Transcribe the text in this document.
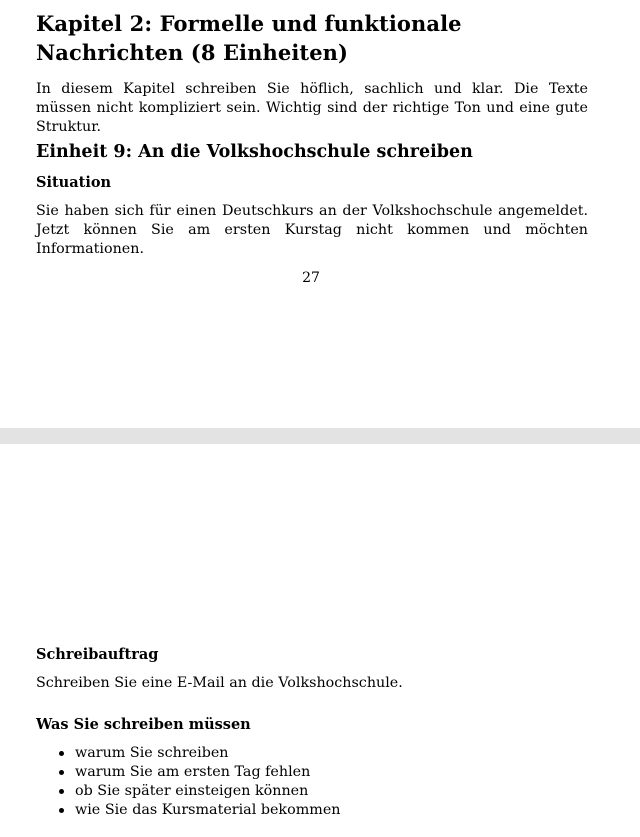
Kapitel 2: Formelle und funktionale Nachrichten (8 Einheiten)

In diesem Kapitel schreiben Sie höflich, sachlich und klar. Die Texte müssen nicht kompliziert sein. Wichtig sind der richtige Ton und eine gute Struktur.

Einheit 9: An die Volkshochschule schreiben
Situation

Sie haben sich für einen Deutschkurs an der Volkshochschule angemeldet. Jetzt können Sie am ersten Kurstag nicht kommen und möchten Informationen.

27

Schreibauftrag

Schreiben Sie eine E-Mail an die Volkshochschule.

Was Sie schreiben müssen
warum Sie schreiben
warum Sie am ersten Tag fehlen
ob Sie später einsteigen können
wie Sie das Kursmaterial bekommen
